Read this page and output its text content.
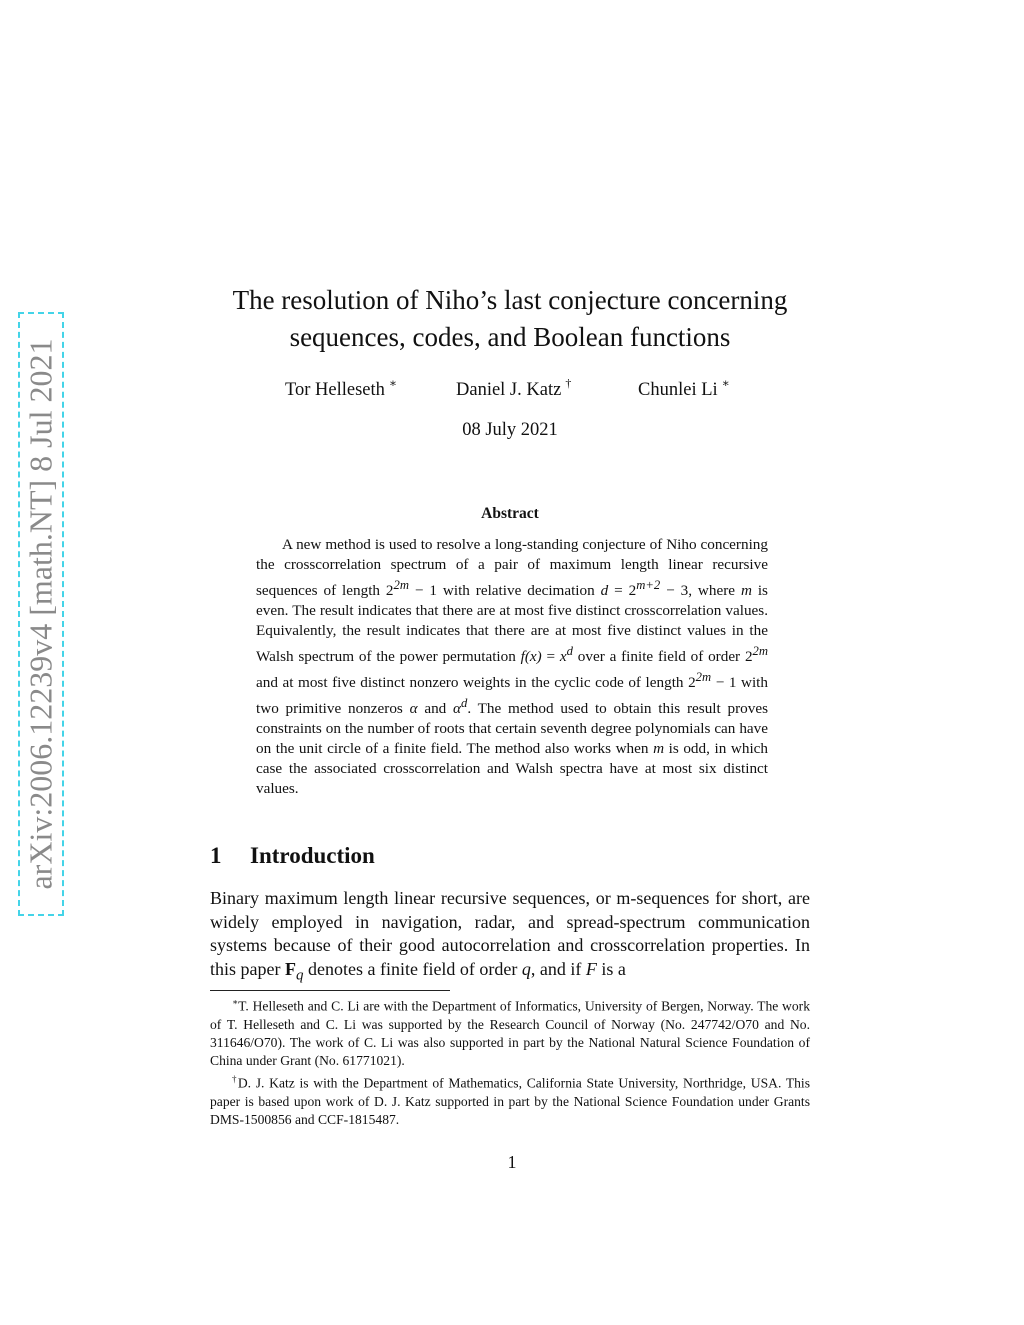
arXiv:2006.12239v4 [math.NT] 8 Jul 2021
The resolution of Niho’s last conjecture concerning
sequences, codes, and Boolean functions
Tor Helleseth ∗	Daniel J. Katz †	Chunlei Li ∗
08 July 2021
Abstract
A new method is used to resolve a long-standing conjecture of Niho concerning the crosscorrelation spectrum of a pair of maximum length linear recursive sequences of length $2^{2m} - 1$ with relative decimation $d = 2^{m+2} - 3$, where m is even. The result indicates that there are at most five distinct crosscorrelation values. Equivalently, the result indicates that there are at most five distinct values in the Walsh spectrum of the power permutation $f(x) = x^d$ over a finite field of order $2^{2m}$ and at most five distinct nonzero weights in the cyclic code of length $2^{2m} - 1$ with two primitive nonzeros α and $\alpha^d$. The method used to obtain this result proves constraints on the number of roots that certain seventh degree polynomials can have on the unit circle of a finite field. The method also works when m is odd, in which case the associated crosscorrelation and Walsh spectra have at most six distinct values.
1 Introduction
Binary maximum length linear recursive sequences, or m-sequences for short, are widely employed in navigation, radar, and spread-spectrum communication systems because of their good autocorrelation and crosscorrelation properties. In this paper $F_q$ denotes a finite field of order q, and if F is a

∗T. Helleseth and C. Li are with the Department of Informatics, University of Bergen, Norway. The work of T. Helleseth and C. Li was supported by the Research Council of Norway (No. 247742/O70 and No. 311646/O70). The work of C. Li was also supported in part by the National Natural Science Foundation of China under Grant (No. 61771021).

†D. J. Katz is with the Department of Mathematics, California State University, Northridge, USA. This paper is based upon work of D. J. Katz supported in part by the National Science Foundation under Grants DMS-1500856 and CCF-1815487.

1
